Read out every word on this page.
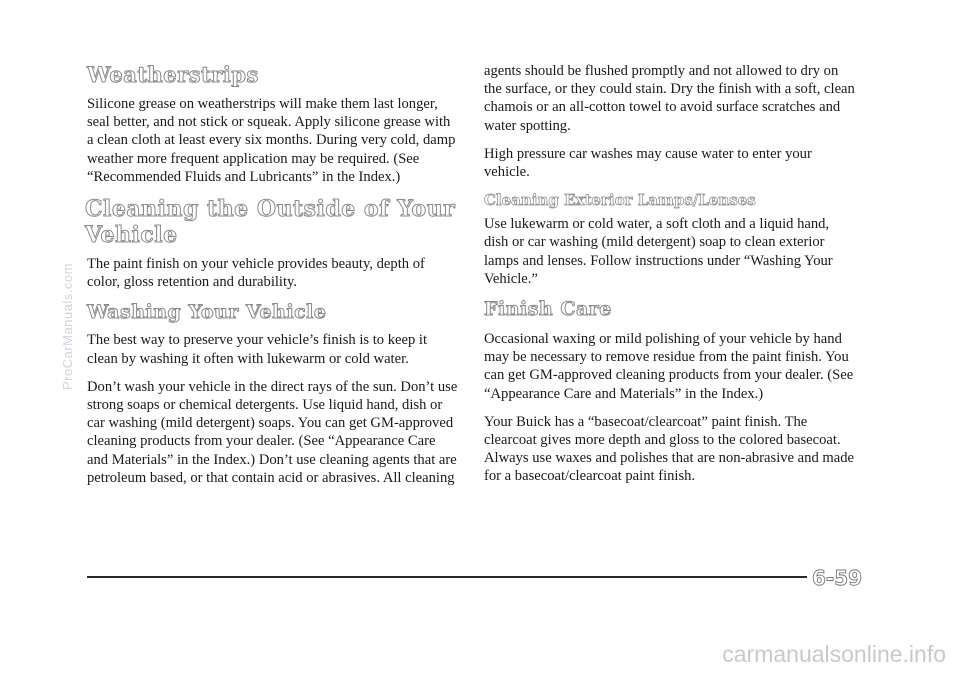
Weatherstrips

Silicone grease on weatherstrips will make them last longer, seal better, and not stick or squeak. Apply silicone grease with a clean cloth at least every six months. During very cold, damp weather more frequent application may be required. (See “Recommended Fluids and Lubricants” in the Index.)

Cleaning the Outside of Your Vehicle

The paint finish on your vehicle provides beauty, depth of color, gloss retention and durability.

Washing Your Vehicle

The best way to preserve your vehicle’s finish is to keep it clean by washing it often with lukewarm or cold water.

Don’t wash your vehicle in the direct rays of the sun. Don’t use strong soaps or chemical detergents. Use liquid hand, dish or car washing (mild detergent) soaps. You can get GM-approved cleaning products from your dealer. (See “Appearance Care and Materials” in the Index.) Don’t use cleaning agents that are petroleum based, or that contain acid or abrasives. All cleaning

agents should be flushed promptly and not allowed to dry on the surface, or they could stain. Dry the finish with a soft, clean chamois or an all-cotton towel to avoid surface scratches and water spotting.

High pressure car washes may cause water to enter your vehicle.

Cleaning Exterior Lamps/Lenses

Use lukewarm or cold water, a soft cloth and a liquid hand, dish or car washing (mild detergent) soap to clean exterior lamps and lenses. Follow instructions under “Washing Your Vehicle.”

Finish Care

Occasional waxing or mild polishing of your vehicle by hand may be necessary to remove residue from the paint finish. You can get GM-approved cleaning products from your dealer. (See “Appearance Care and Materials” in the Index.)

Your Buick has a “basecoat/clearcoat” paint finish. The clearcoat gives more depth and gloss to the colored basecoat. Always use waxes and polishes that are non-abrasive and made for a basecoat/clearcoat paint finish.

6-59
ProCarManuals.com
carmanualsonline.info
